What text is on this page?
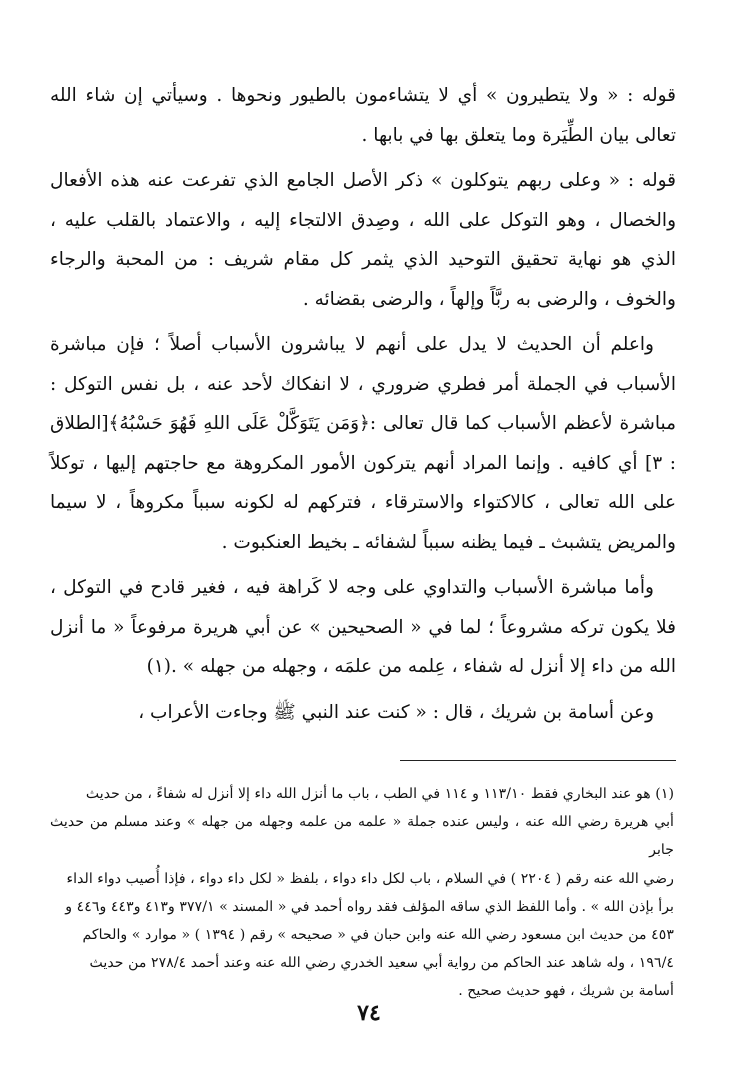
قوله : « ولا يتطيرون » أي لا يتشاءمون بالطيور ونحوها . وسيأتي إن شاء الله تعالى بيان الطِّيَرة وما يتعلق بها في بابها .

قوله : « وعلى ربهم يتوكلون » ذكر الأصل الجامع الذي تفرعت عنه هذه الأفعال والخصال ، وهو التوكل على الله ، وصِدق الالتجاء إليه ، والاعتماد بالقلب عليه ، الذي هو نهاية تحقيق التوحيد الذي يثمر كل مقام شريف : من المحبة والرجاء والخوف ، والرضى به ربَّاً وإلهاً ، والرضى بقضائه .

واعلم أن الحديث لا يدل على أنهم لا يباشرون الأسباب أصلاً ؛ فإن مباشرة الأسباب في الجملة أمر فطري ضروري ، لا انفكاك لأحد عنه ، بل نفس التوكل : مباشرة لأعظم الأسباب كما قال تعالى :﴿وَمَن يَتَوَكَّلْ عَلَى اللهِ فَهُوَ حَسْبُهُ﴾[الطلاق : ٣] أي كافيه . وإنما المراد أنهم يتركون الأمور المكروهة مع حاجتهم إليها ، توكلاً على الله تعالى ، كالاكتواء والاسترقاء ، فتركهم له لكونه سبباً مكروهاً ، لا سيما والمريض يتشبث ـ فيما يظنه سبباً لشفائه ـ بخيط العنكبوت .

وأما مباشرة الأسباب والتداوي على وجه لا كَراهة فيه ، فغير قادح في التوكل ، فلا يكون تركه مشروعاً ؛ لما في « الصحيحين » عن أبي هريرة مرفوعاً « ما أنزل الله من داء إلا أنزل له شفاء ، عِلمه من علمَه ، وجهله من جهله » .(١)

وعن أسامة بن شريك ، قال : « كنت عند النبي ﷺ وجاءت الأعراب ،

(١) هو عند البخاري فقط ١١٣/١٠ و ١١٤ في الطب ، باب ما أنزل الله داء إلا أنزل له شفاءً ، من حديث

أبي هريرة رضي الله عنه ، وليس عنده جملة « علمه من علمه وجهله من جهله » وعند مسلم من حديث جابر

رضي الله عنه رقم ( ٢٢٠٤ ) في السلام ، باب لكل داء دواء ، بلفظ « لكل داء دواء ، فإذا أُصيب دواء الداء

برأ بإذن الله » . وأما اللفظ الذي ساقه المؤلف فقد رواه أحمد في « المسند » ٣٧٧/١ و٤١٣ و٤٤٣ و٤٤٦ و

٤٥٣ من حديث ابن مسعود رضي الله عنه وابن حبان في « صحيحه » رقم ( ١٣٩٤ ) « موارد » والحاكم

١٩٦/٤ ، وله شاهد عند الحاكم من رواية أبي سعيد الخدري رضي الله عنه وعند أحمد ٢٧٨/٤ من حديث

أسامة بن شريك ، فهو حديث صحيح .

٧٤
